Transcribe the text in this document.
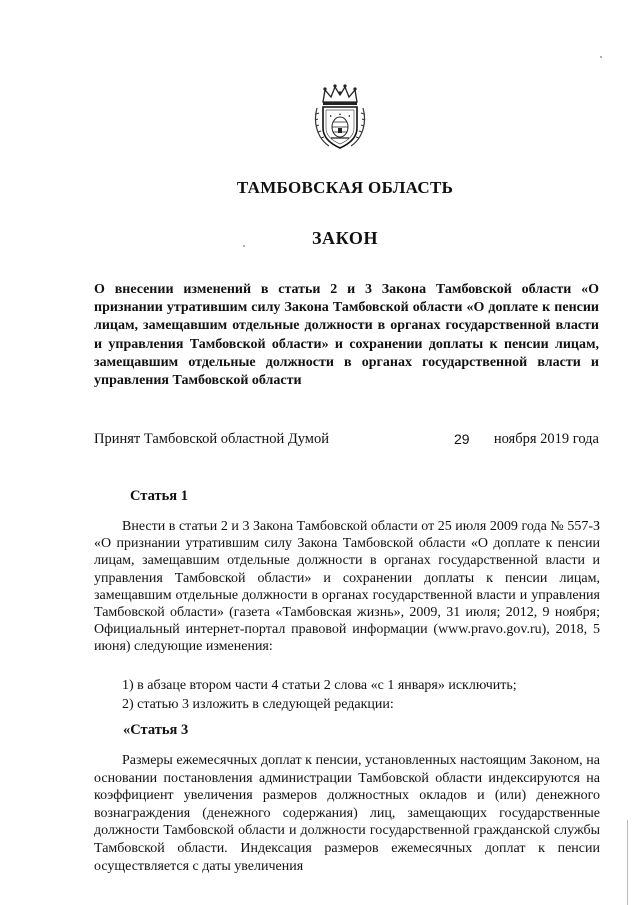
ТАМБОВСКАЯ ОБЛАСТЬ
ЗАКОН
О внесении изменений в статьи 2 и 3 Закона Тамбовской области «О признании утратившим силу Закона Тамбовской области «О доплате к пенсии лицам, замещавшим отдельные должности в органах государственной власти и управления Тамбовской области» и сохранении доплаты к пенсии лицам, замещавшим отдельные должности в органах государственной власти и управления Тамбовской области
Принят Тамбовской областной Думой	29 ноября 2019 года
Статья 1

Внести в статьи 2 и 3 Закона Тамбовской области от 25 июля 2009 года № 557-З «О признании утратившим силу Закона Тамбовской области «О доплате к пенсии лицам, замещавшим отдельные должности в органах государственной власти и управления Тамбовской области» и сохранении доплаты к пенсии лицам, замещавшим отдельные должности в органах государственной власти и управления Тамбовской области» (газета «Тамбовская жизнь», 2009, 31 июля; 2012, 9 ноября; Официальный интернет-портал правовой информации (www.pravo.gov.ru), 2018, 5 июня) следующие изменения:

1) в абзаце втором части 4 статьи 2 слова «с 1 января» исключить;
2) статью 3 изложить в следующей редакции:
«Статья 3

Размеры ежемесячных доплат к пенсии, установленных настоящим Законом, на основании постановления администрации Тамбовской области индексируются на коэффициент увеличения размеров должностных окладов и (или) денежного вознаграждения (денежного содержания) лиц, замещающих государственные должности Тамбовской области и должности государственной гражданской службы Тамбовской области. Индексация размеров ежемесячных доплат к пенсии осуществляется с даты увеличения
